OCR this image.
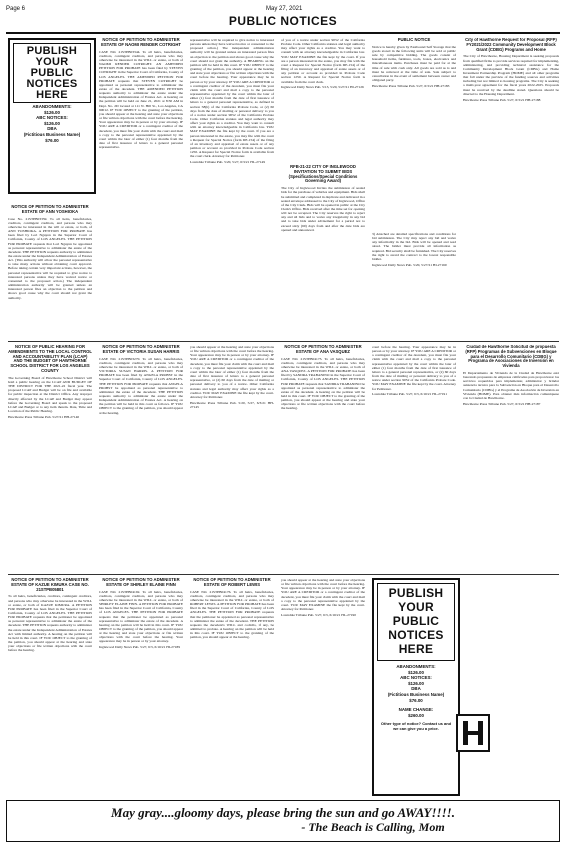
Page 6	May 27, 2021
PUBLIC NOTICES
PUBLISH
YOUR
PUBLIC
NOTICES
HERE
ABANDONMENTS:
$126.00
ABC NOTICES:
$126.00
DBA
(Fictitious Business Name)
$76.00
NOTICE OF PETITION TO ADMINISTER ESTATE OF ANN YOSHIOKA

Case No. 21STPB03359. To all heirs, beneficiaries, creditors, contingent creditors, and persons who may otherwise be interested in the will or estate, or both, of ANN YOSHIOKA. A PETITION FOR PROBATE has been filed by Lori Nguyen in the Superior Court of California, County of LOS ANGELES. THE PETITION FOR PROBATE requests that Lori Nguyen be appointed as personal representative to administer the estate of the decedent. THE PETITION requests authority to administer the estate under the Independent Administration of Estates Act. (This authority will allow the personal representative to take many actions without obtaining court approval. Before taking certain very important actions, however, the personal representative will be required to give notice to interested persons unless they have waived notice or consented to the proposed action.) The independent administration authority will be granted unless an interested person files an objection to the petition and shows good cause why the court should not grant the authority.

NOTICE OF PUBLIC HEARING FOR AMENDMENTS TO THE LOCAL CONTROL AND ACCOUNTABILITY PLAN (LCAP) AND THE BUDGET OF HAWTHORNE SCHOOL DISTRICT FOR LOS ANGELES COUNTY

The Governing Board of Hawthorne School District will hold a public hearing on the LCAP AND BUDGET OF THE DISTRICT FOR THE 2021-22 fiscal year. The proposed LCAP and Budget will be on file and available for public inspection at the District Office. Any taxpayer directly affected by the LCAP and Budget may appear before the Governing Board and speak to the proposed LCAP and Budget or to any item therein. Date, Time and Location of the Public Hearing.

Hawthorne Press Tribune Pub. 5/27/21 HH-27140

NOTICE OF PETITION TO ADMINISTER ESTATE OF KAZUE KIMURA CASE NO. 21STPB05801

To all heirs, beneficiaries, creditors, contingent creditors, and persons who may otherwise be interested in the WILL or estate, or both of KAZUE KIMURA. A PETITION FOR PROBATE has been filed in the Superior Court of California, County of LOS ANGELES. THE PETITION FOR PROBATE requests that the petitioner be appointed as personal representative to administer the estate of the decedent. THE PETITION requests authority to administer the estate under the Independent Administration of Estates Act with limited authority. A hearing on the petition will be held in this court. IF YOU OBJECT to the granting of the petition, you should appear at the hearing and state your objections or file written objections with the court before the hearing.

NOTICE OF PETITION TO ADMINISTER ESTATE OF NAOMI RENDER COTRIGHT

CASE NO. 21STPB03344. To all heirs, beneficiaries, creditors, contingent creditors, and persons who may otherwise be interested in the WILL or estate, or both of NAOMI RENDER COTRIGHT. AN AMENDED PETITION FOR PROBATE has been filed by STEVEN COTRIGHT in the Superior Court of California, County of LOS ANGELES. THE AMENDED PETITION FOR PROBATE requests that STEVEN COTRIGHT be appointed as personal representative to administer the estate of the decedent. THE AMENDED PETITION requests authority to administer the estate under the Independent Administration of Estates Act. A hearing on the petition will be held on June 21, 2021 at 8:30 AM in Dept. No. 2D located at 111 N. Hill St., Los Angeles, CA 90012. IF YOU OBJECT to the granting of the petition, you should appear at the hearing and state your objections or file written objections with the court before the hearing. Your appearance may be in person or by your attorney. IF YOU ARE A CREDITOR or a contingent creditor of the decedent, you must file your claim with the court and mail a copy to the personal representative appointed by the court within the later of either (1) four months from the date of first issuance of letters to a general personal representative.

NOTICE OF PETITION TO ADMINISTER ESTATE OF VICTORIA SUSAN HARRIS

CASE NO. 21STPB03270. To all heirs, beneficiaries, creditors, contingent creditors, and persons who may otherwise be interested in the WILL or estate, or both of VICTORIA SUSAN HARRIS. A PETITION FOR PROBATE has been filed by ANGELA PROBST in the Superior Court of California, County of LOS ANGELES. THE PETITION FOR PROBATE requests that ANGELA PROBST be appointed as personal representative to administer the estate of the decedent. THE PETITION requests authority to administer the estate under the Independent Administration of Estates Act. A hearing on the petition will be held in this court as follows. IF YOU OBJECT to the granting of the petition, you should appear at the hearing.

NOTICE OF PETITION TO ADMINISTER ESTATE OF SHIRLEY ELAINE FINN

CASE NO. 21STPB04192. To all heirs, beneficiaries, creditors, contingent creditors, and persons who may otherwise be interested in the WILL or estate, or both of SHIRLEY ELAINE FINN. A PETITION FOR PROBATE has been filed in the Superior Court of California, County of LOS ANGELES. THE PETITION FOR PROBATE requests that the petitioner be appointed as personal representative to administer the estate of the decedent. A hearing on the petition will be held in this court. IF YOU OBJECT to the granting of the petition, you should appear at the hearing and state your objections or file written objections with the court before the hearing. Your appearance may be in person or by your attorney.

Inglewood Daily News Pub. 5/27, 6/3, 6/10/21 HI-27189

representative will be required to give notice to interested persons unless they have waived notice or consented to the proposed action.) The independent administration authority will be granted unless an interested person files an objection to the petition and shows good cause why the court should not grant the authority. A HEARING on the petition will be held in this court. IF YOU OBJECT to the granting of the petition, you should appear at the hearing and state your objections or file written objections with the court before the hearing. Your appearance may be in person or by your attorney. IF YOU ARE A CREDITOR or a contingent creditor of the decedent, you must file your claim with the court and mail a copy to the personal representative appointed by the court within the later of either (1) four months from the date of first issuance of letters to a general personal representative, as defined in section 58(b) of the California Probate Code, or (2) 60 days from the date of mailing or personal delivery to you of a notice under section 9052 of the California Probate Code. Other California statutes and legal authority may affect your rights as a creditor. You may want to consult with an attorney knowledgeable in California law. YOU MAY EXAMINE the file kept by the court. If you are a person interested in the estate, you may file with the court a Request for Special Notice (form DE-154) of the filing of an inventory and appraisal of estate assets or of any petition or account as provided in Probate Code section 1250. A Request for Special Notice form is available from the court clerk. Attorney for Petitioner.

Lawndale Tribune Pub. 5/20, 5/27, 6/3/21 HL-27149

you should appear at the hearing and state your objections or file written objections with the court before the hearing. Your appearance may be in person or by your attorney. IF YOU ARE A CREDITOR or a contingent creditor of the decedent, you must file your claim with the court and mail a copy to the personal representative appointed by the court within the later of either (1) four months from the date of first issuance of letters to a general personal representative, or (2) 60 days from the date of mailing or personal delivery to you of a notice. Other California statutes and legal authority may affect your rights as a creditor. YOU MAY EXAMINE the file kept by the court. Attorney for Petitioner.

Hawthorne Press Tribune Pub. 5/20, 5/27, 6/3/21 HH-27145

NOTICE OF PETITION TO ADMINISTER ESTATE OF ROBERT LEWIS

CASE NO. 21STPB04176. To all heirs, beneficiaries, creditors, contingent creditors, and persons who may otherwise be interested in the WILL or estate, or both of ROBERT LEWIS. A PETITION FOR PROBATE has been filed in the Superior Court of California, County of LOS ANGELES. THE PETITION FOR PROBATE requests that the petitioner be appointed as personal representative to administer the estate of the decedent. THE PETITION requests the decedent's WILL and codicils, if any, be admitted to probate. A hearing on the petition will be held in this court. IF YOU OBJECT to the granting of the petition, you should appear at the hearing.

of you of a notice under section 9052 of the California Probate Code. Other California statutes and legal authority may affect your rights as a creditor. You may want to consult with an attorney knowledgeable in California law. YOU MAY EXAMINE the file kept by the court. If you are a person interested in the estate, you may file with the court a Request for Special Notice (form DE-154) of the filing of an inventory and appraisal of estate assets or of any petition or account as provided in Probate Code section 1250. A Request for Special Notice form is available from the court clerk.

Inglewood Daily News Pub. 5/13, 5/20, 5/27/21 HI-27126

RFB-21-22 CITY OF INGLEWOOD INVITATION TO SUBMIT BIDS (Specifications/Special Conditions Governing Award)

The City of Inglewood Invites the submission of sealed bids for the purchase of vehicles and equipment. Bids shall be submitted and completed in duplicate and delivered in a sealed envelope addressed to the City of Inglewood, Office of the City Clerk. Bids will be opened in public at the City Clerk's Office. Bids received after the time set for opening will not be accepted. The City reserves the right to reject any and all bids and to waive any irregularity in any bid and to take bids under advisement for a period not to exceed sixty (60) days from and after the date bids are opened and announced.

NOTICE OF PETITION TO ADMINISTER ESTATE OF ANA VASQUEZ

CASE NO. 21STPB04173. To all heirs, beneficiaries, creditors, contingent creditors, and persons who may otherwise be interested in the WILL or estate, or both of ANA VASQUEZ. A PETITION FOR PROBATE has been filed by SANDRA TRABANINO in the Superior Court of California, County of LOS ANGELES. THE PETITION FOR PROBATE requests that SANDRA TRABANINO be appointed as personal representative to administer the estate of the decedent. A hearing on the petition will be held in this court. IF YOU OBJECT to the granting of the petition, you should appear at the hearing and state your objections or file written objections with the court before the hearing.

you should appear at the hearing and state your objections or file written objections with the court before the hearing. Your appearance may be in person or by your attorney. IF YOU ARE A CREDITOR or a contingent creditor of the decedent, you must file your claim with the court and mail a copy to the personal representative appointed by the court. YOU MAY EXAMINE the file kept by the court. Attorney for Petitioner.

Lawndale Tribune Pub. 5/27, 6/3, 6/10/21 HL-27190

PUBLIC NOTICE

Notice is hereby given by Eastbound Self Storage that the goods stored in the following units will be sold at public sale by competitive bidding. The goods consist of household items, furniture, tools, boxes, electronics and miscellaneous items. Purchases must be paid for at the time of sale with cash only. All goods are sold as is and must be removed at the time of sale. Sale subject to cancellation in the event of settlement between owner and obligated party.

Hawthorne Press Tribune Pub. 5/27, 6/3/21 HH-27183

3) Attached are detailed specifications and conditions for bid submission. The City may reject any bid and waive any informality in the bid. Bids will be opened and read aloud. The bidder must provide all information as required. Bid security shall be furnished. The City reserves the right to award the contract to the lowest responsible bidder.

Inglewood Daily News Pub. 5/20, 5/27/21 HI-27160

court before the hearing. Your appearance may be in person or by your attorney. IF YOU ARE A CREDITOR or a contingent creditor of the decedent, you must file your claim with the court and mail a copy to the personal representative appointed by the court within the later of either (1) four months from the date of first issuance of letters to a general personal representative, or (2) 60 days from the date of mailing or personal delivery to you of a notice under section 9052 of the California Probate Code. YOU MAY EXAMINE the file kept by the court. Attorney for Petitioner.

Lawndale Tribune Pub. 5/27, 6/3, 6/10/21 HL-27191

PUBLISH
YOUR
PUBLIC
NOTICES
HERE
ABANDONMENTS:
$126.00
ABC NOTICES:
$126.00
DBA
(Fictitious Business Name)
$76.00
NAME CHANGE:
$260.00
Other type of notice? Contact us and we can give you a price.
City of Hawthorne Request for Proposal (RFP) FY2021/2022 Community Development Block Grant (CDBG) Programs and Home

The City of Hawthorne, Housing Department is seeking proposals from qualified firms to provide services required for implementing, administering, and providing technical assistance for the Community Development Block Grant (CDBG) and Home Investment Partnership Program (HOME) and all other programs that fall under the purview of the funding sources and activities including but not limited to housing programs. The City is seeking a multi-year agreement for the fiscal years 2022-2025. Proposals must be received by the deadline stated. Questions should be directed to the Housing Department.

Hawthorne Press Tribune Pub. 5/27, 6/3/21 HH-27188

Ciudad de Hawthorne Solicitud de propuesta (RFP) Programas de Subvenciones en Bloque para el Desarrollo Comunitario (CDBG) y Programa de Asociaciones de Inversión en Vivienda

El Departamento de Vivienda de la Ciudad de Hawthorne está buscando propuestas de empresas calificadas para proporcionar los servicios requeridos para implementar, administrar y brindar asistencia técnica para la Subvención en Bloque para el Desarrollo Comunitario (CDBG) y el Programa de Asociación de Inversión en Vivienda (HOME). Para obtener más información comuníquese con la Ciudad de Hawthorne.

Hawthorne Press Tribune Pub. 5/27, 6/3/21 HH-27187

May gray....gloomy days, please bring the sun and go AWAY!!!!.
- The Beach is Calling, Mom
